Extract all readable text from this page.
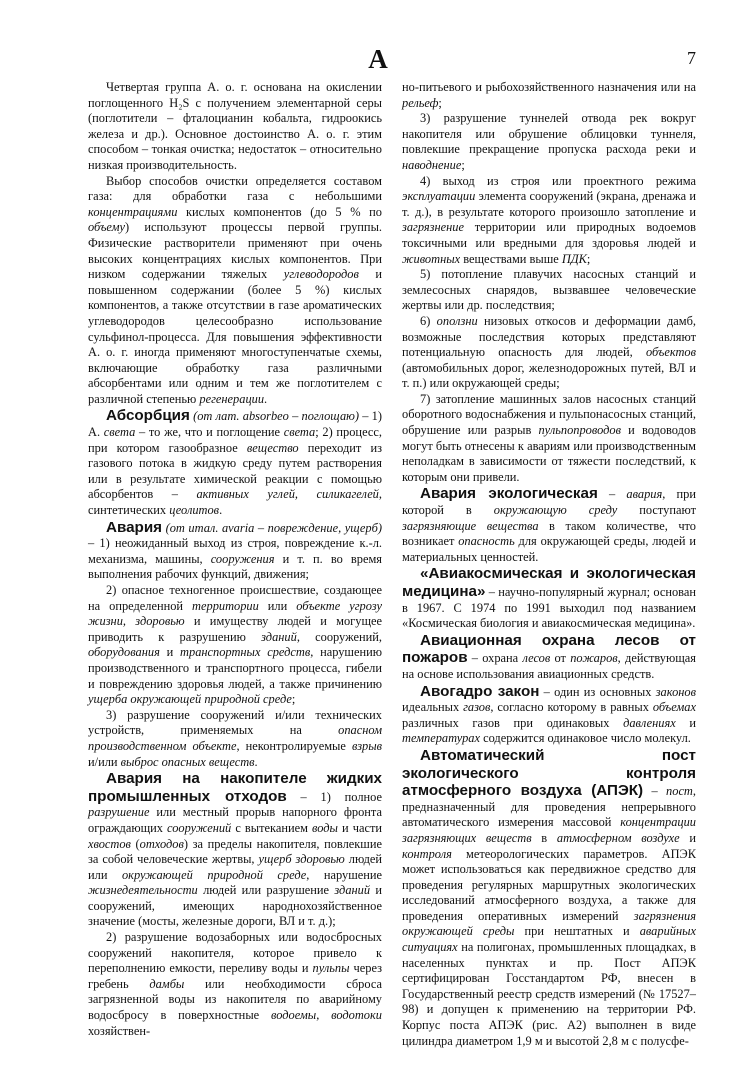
А	7

Четвертая группа А. о. г. основана на окислении поглощенного H₂S с получением элементарной серы (поглотители – фталоцианин кобальта, гидроокись железа и др.). Основное достоинство А. о. г. этим способом – тонкая очистка; недостаток – относительно низкая производительность.

Выбор способов очистки определяется составом газа: для обработки газа с небольшими концентрациями кислых компонентов (до 5 % по объему) используют процессы первой группы. Физические растворители применяют при очень высоких концентрациях кислых компонентов. При низком содержании тяжелых углеводородов и повышенном содержании (более 5 %) кислых компонентов, а также отсутствии в газе ароматических углеводородов целесообразно использование сульфинол-процесса. Для повышения эффективности А. о. г. иногда применяют многоступенчатые схемы, включающие обработку газа различными абсорбентами или одним и тем же поглотителем с различной степенью регенерации.

Абсорбция (от лат. absorbeo – поглощаю) – 1) А. света – то же, что и поглощение света; 2) процесс, при котором газообразное вещество переходит из газового потока в жидкую среду путем растворения или в результате химической реакции с помощью абсорбентов – активных углей, силикагелей, синтетических цеолитов.

Авария (от итал. avaria – повреждение, ущерб) – 1) неожиданный выход из строя, повреждение к.-л. механизма, машины, сооружения и т. п. во время выполнения рабочих функций, движения;

2) опасное техногенное происшествие, создающее на определенной территории или объекте угрозу жизни, здоровью и имуществу людей и могущее приводить к разрушению зданий, сооружений, оборудования и транспортных средств, нарушению производственного и транспортного процесса, гибели и повреждению здоровья людей, а также причинению ущерба окружающей природной среде;

3) разрушение сооружений и/или технических устройств, применяемых на опасном производственном объекте, неконтролируемые взрыв и/или выброс опасных веществ.

Авария на накопителе жидких промышленных отходов – 1) полное разрушение или местный прорыв напорного фронта ограждающих сооружений с вытеканием воды и части хвостов (отходов) за пределы накопителя, повлекшие за собой человеческие жертвы, ущерб здоровью людей или окружающей природной среде, нарушение жизнедеятельности людей или разрушение зданий и сооружений, имеющих народнохозяйственное значение (мосты, железные дороги, ВЛ и т. д.);

2) разрушение водозаборных или водосбросных сооружений накопителя, которое привело к переполнению емкости, переливу воды и пульпы через гребень дамбы или необходимости сброса загрязненной воды из накопителя по аварийному водосбросу в поверхностные водоемы, водотоки хозяйствен-

но-питьевого и рыбохозяйственного назначения или на рельеф;

3) разрушение туннелей отвода рек вокруг накопителя или обрушение облицовки туннеля, повлекшие прекращение пропуска расхода реки и наводнение;

4) выход из строя или проектного режима эксплуатации элемента сооружений (экрана, дренажа и т. д.), в результате которого произошло затопление и загрязнение территории или природных водоемов токсичными или вредными для здоровья людей и животных веществами выше ПДК;

5) потопление плавучих насосных станций и землесосных снарядов, вызвавшее человеческие жертвы или др. последствия;

6) оползни низовых откосов и деформации дамб, возможные последствия которых представляют потенциальную опасность для людей, объектов (автомобильных дорог, железнодорожных путей, ВЛ и т. п.) или окружающей среды;

7) затопление машинных залов насосных станций оборотного водоснабжения и пульпонасосных станций, обрушение или разрыв пульпопроводов и водоводов могут быть отнесены к авариям или производственным неполадкам в зависимости от тяжести последствий, к которым они привели.

Авария экологическая – авария, при которой в окружающую среду поступают загрязняющие вещества в таком количестве, что возникает опасность для окружающей среды, людей и материальных ценностей.

«Авиакосмическая и экологическая медицина» – научно-популярный журнал; основан в 1967. С 1974 по 1991 выходил под названием «Космическая биология и авиакосмическая медицина».

Авиационная охрана лесов от пожаров – охрана лесов от пожаров, действующая на основе использования авиационных средств.

Авогадро закон – один из основных законов идеальных газов, согласно которому в равных объемах различных газов при одинаковых давлениях и температурах содержится одинаковое число молекул.

Автоматический пост экологического контроля атмосферного воздуха (АПЭК) – пост, предназначенный для проведения непрерывного автоматического измерения массовой концентрации загрязняющих веществ в атмосферном воздухе и контроля метеорологических параметров. АПЭК может использоваться как передвижное средство для проведения регулярных маршрутных экологических исследований атмосферного воздуха, а также для проведения оперативных измерений загрязнения окружающей среды при нештатных и аварийных ситуациях на полигонах, промышленных площадках, в населенных пунктах и пр. Пост АПЭК сертифицирован Госстандартом РФ, внесен в Государственный реестр средств измерений (№ 17527–98) и допущен к применению на территории РФ. Корпус поста АПЭК (рис. А2) выполнен в виде цилиндра диаметром 1,9 м и высотой 2,8 м с полусфе-
